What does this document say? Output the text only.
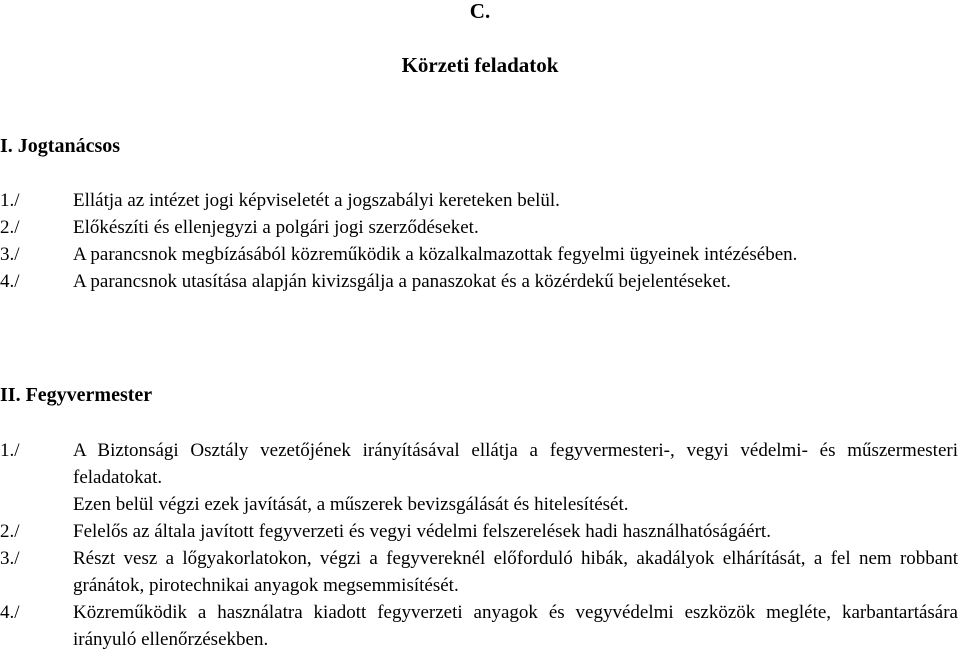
C.
Körzeti feladatok
I. Jogtanácsos
1./	Ellátja az intézet jogi képviseletét a jogszabályi kereteken belül.
2./	Előkészíti és ellenjegyzi a polgári jogi szerződéseket.
3./	A parancsnok megbízásából közreműködik a közalkalmazottak fegyelmi ügyeinek intézésében.
4./	A parancsnok utasítása alapján kivizsgálja a panaszokat és a közérdekű bejelentéseket.
II. Fegyvermester
1./	A Biztonsági Osztály vezetőjének irányításával ellátja a fegyvermesteri-, vegyi védelmi- és műszermesteri feladatokat.
Ezen belül végzi ezek javítását, a műszerek bevizsgálását és hitelesítését.
2./	Felelős az általa javított fegyverzeti és vegyi védelmi felszerelések hadi használhatóságáért.
3./	Részt vesz a lőgyakorlatokon, végzi a fegyvereknél előforduló hibák, akadályok elhárítását, a fel nem robbant gránátok, pirotechnikai anyagok megsemmisítését.
4./	Közreműködik a használatra kiadott fegyverzeti anyagok és vegyvédelmi eszközök megléte, karbantartására irányuló ellenőrzésekben.
